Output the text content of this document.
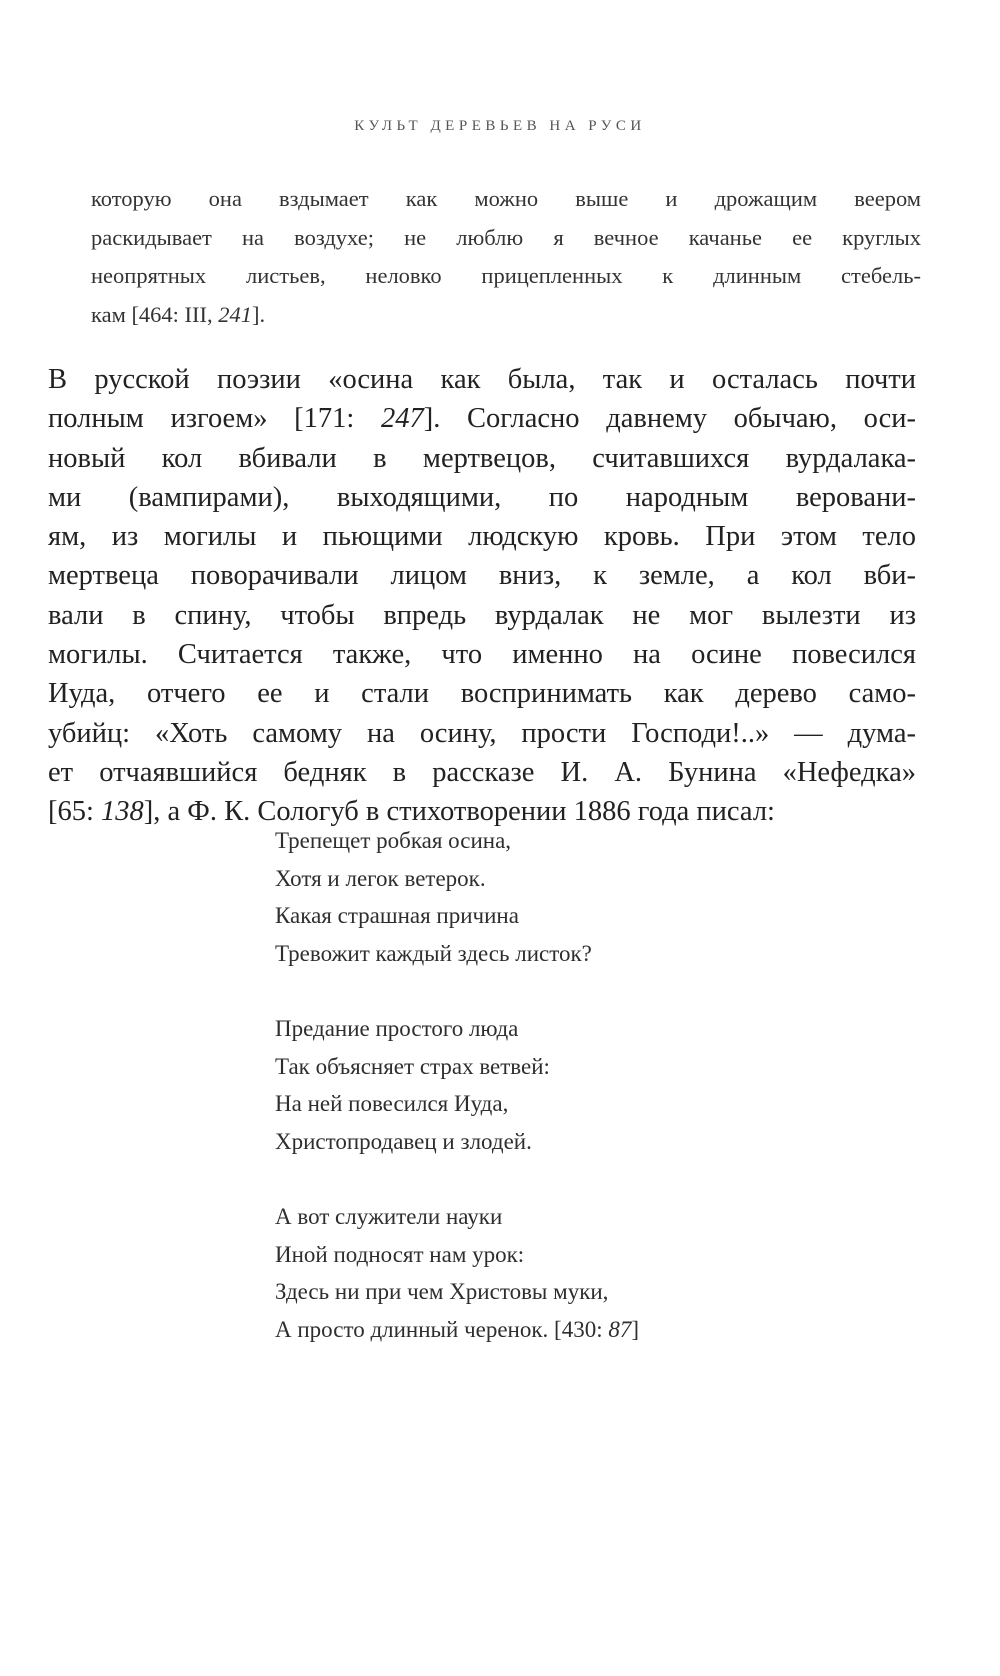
КУЛЬТ ДЕРЕВЬЕВ НА РУСИ
которую она вздымает как можно выше и дрожащим веером
раскидывает на воздухе; не люблю я вечное качанье ее круглых
неопрятных листьев, неловко прицепленных к длинным стебель-
кам [464: III, 241].
В русской поэзии «осина как была, так и осталась почти
полным изгоем» [171: 247]. Согласно давнему обычаю, оси-
новый кол вбивали в мертвецов, считавшихся вурдалака-
ми (вампирами), выходящими, по народным веровани-
ям, из могилы и пьющими людскую кровь. При этом тело
мертвеца поворачивали лицом вниз, к земле, а кол вби-
вали в спину, чтобы впредь вурдалак не мог вылезти из
могилы. Считается также, что именно на осине повесился
Иуда, отчего ее и стали воспринимать как дерево само-
убийц: «Хоть самому на осину, прости Господи!..» — дума-
ет отчаявшийся бедняк в рассказе И. А. Бунина «Нефедка»
[65: 138], а Ф. К. Сологуб в стихотворении 1886 года писал:
Трепещет робкая осина,
Хотя и легок ветерок.
Какая страшная причина
Тревожит каждый здесь листок?
Предание простого люда
Так объясняет страх ветвей:
На ней повесился Иуда,
Христопродавец и злодей.
А вот служители науки
Иной подносят нам урок:
Здесь ни при чем Христовы муки,
А просто длинный черенок. [430: 87]
